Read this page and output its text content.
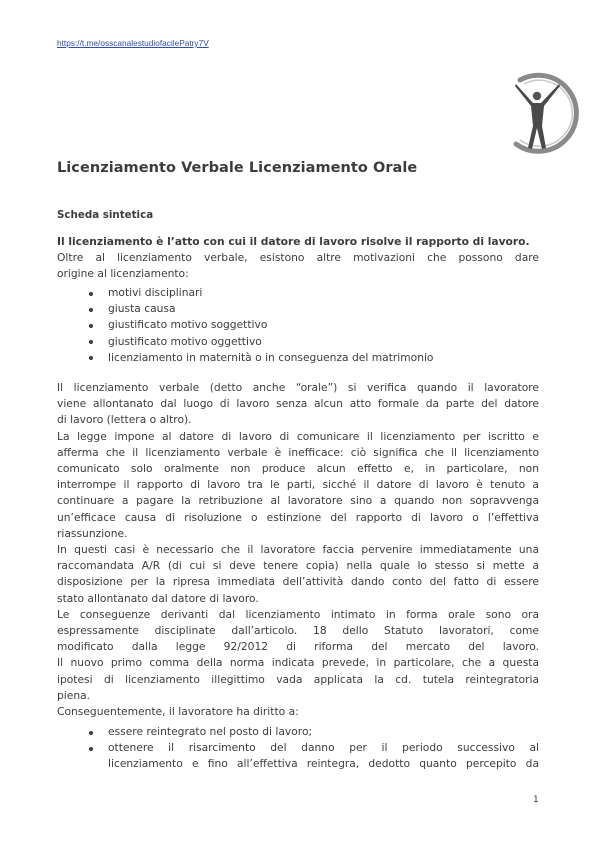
https://t.me/osscanalestudiofacilePatry7V
Licenziamento Verbale Licenziamento Orale
Scheda sintetica
Il licenziamento è l’atto con cui il datore di lavoro risolve il rapporto di lavoro.
Oltre al licenziamento verbale, esistono altre motivazioni che possono dare
origine al licenziamento:
motivi disciplinari
giusta causa
giustificato motivo soggettivo
giustificato motivo oggettivo
licenziamento in maternità o in conseguenza del matrimonio
Il licenziamento verbale (detto anche “orale”) si verifica quando il lavoratore
viene allontanato dal luogo di lavoro senza alcun atto formale da parte del datore
di lavoro (lettera o altro).
La legge impone al datore di lavoro di comunicare il licenziamento per iscritto e
afferma che il licenziamento verbale è inefficace: ciò significa che il licenziamento
comunicato solo oralmente non produce alcun effetto e, in particolare, non
interrompe il rapporto di lavoro tra le parti, sicché il datore di lavoro è tenuto a
continuare a pagare la retribuzione al lavoratore sino a quando non sopravvenga
un’efficace causa di risoluzione o estinzione del rapporto di lavoro o l’effettiva
riassunzione.
In questi casi è necessario che il lavoratore faccia pervenire immediatamente una
raccomandata A/R (di cui si deve tenere copia) nella quale lo stesso si mette a
disposizione per la ripresa immediata dell’attività dando conto del fatto di essere
stato allontanato dal datore di lavoro.
Le conseguenze derivanti dal licenziamento intimato in forma orale sono ora
espressamente disciplinate dall’articolo. 18 dello Statuto lavoratori, come
modificato dalla legge 92/2012 di riforma del mercato del lavoro.
Il nuovo primo comma della norma indicata prevede, in particolare, che a questa
ipotesi di licenziamento illegittimo vada applicata la cd. tutela reintegratoria
piena.
Conseguentemente, il lavoratore ha diritto a:
essere reintegrato nel posto di lavoro;
ottenere il risarcimento del danno per il periodo successivo al
licenziamento e fino all’effettiva reintegra, dedotto quanto percepito da
1
